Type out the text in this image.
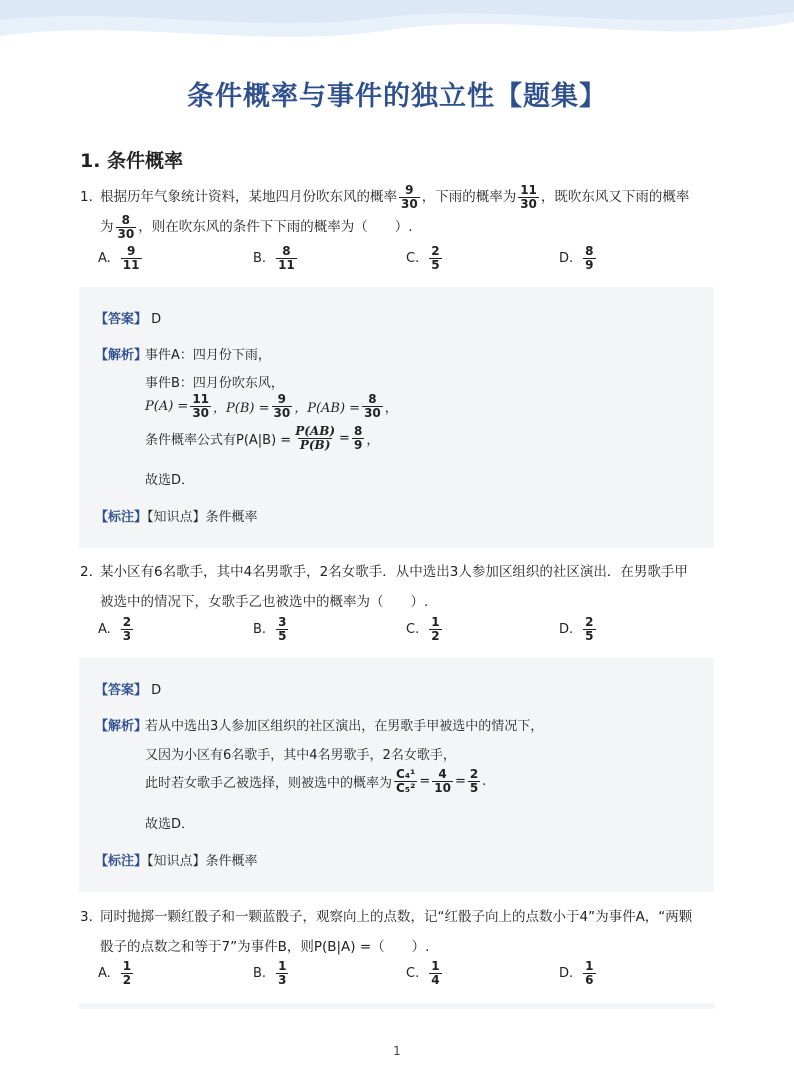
条件概率与事件的独立性【题集】
1. 条件概率
1. 根据历年气象统计资料，某地四月份吹东风的概率 $\frac{9}{30}$ ，下雨的概率为 $\frac{11}{30}$ ，既吹东风又下雨的概率
为 $\frac{8}{30}$ ，则在吹东风的条件下下雨的概率为（　　）.
A. $\frac{9}{11}$	B. $\frac{8}{11}$	C. $\frac{2}{5}$	D. $\frac{8}{9}$
【答案】 D
【解析】
事件A：四月份下雨，
事件B：四月份吹东风，
$P(A) = \frac{11}{30}$ ，$P(B) = \frac{9}{30}$ ，$P(AB) = \frac{8}{30}$ ，
条件概率公式有$P(A|B) = \frac{P(AB)}{P(B)} = \frac{8}{9}$ ，
故选D．
【标注】【知识点】条件概率
2. 某小区有6名歌手，其中4名男歌手，2名女歌手．从中选出3人参加区组织的社区演出．在男歌手甲
被选中的情况下，女歌手乙也被选中的概率为（　　）.
A. $\frac{2}{3}$	B. $\frac{3}{5}$	C. $\frac{1}{2}$	D. $\frac{2}{5}$
【答案】 D
【解析】
若从中选出3人参加区组织的社区演出，在男歌手甲被选中的情况下，
又因为小区有6名歌手，其中4名男歌手，2名女歌手，
此时若女歌手乙被选择，则被选中的概率为 $\frac{\text{C₄¹}}{\text{C₅²}} = \frac{4}{10} = \frac{2}{5}$ .
故选D．
【标注】【知识点】条件概率
3. 同时抛掷一颗红骰子和一颗蓝骰子，观察向上的点数，记“红骰子向上的点数小于4”为事件A，“两颗
骰子的点数之和等于7”为事件B，则P(B|A) =（　　）.
A. $\frac{1}{2}$	B. $\frac{1}{3}$	C. $\frac{1}{4}$	D. $\frac{1}{6}$
1
